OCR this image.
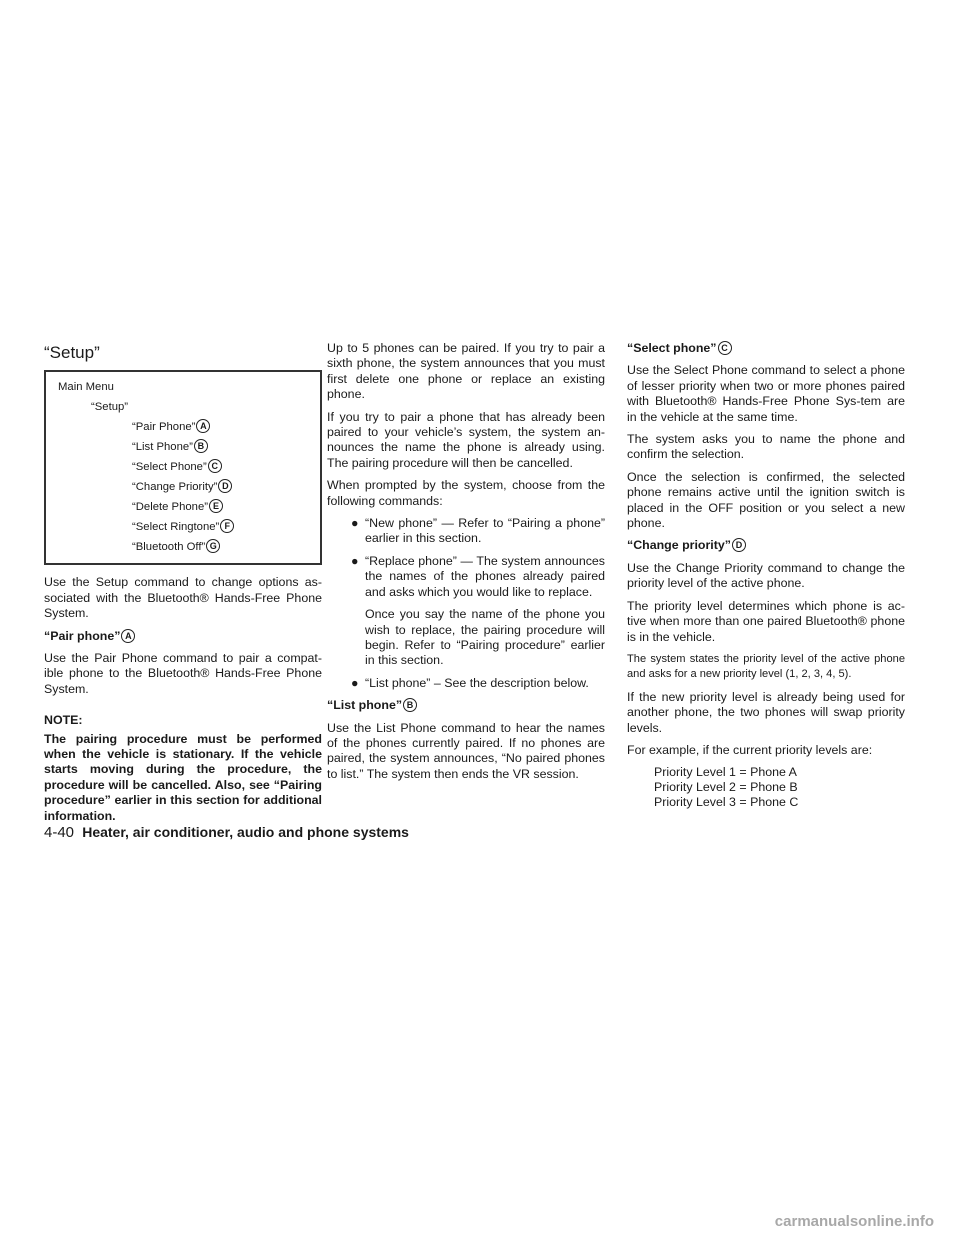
“Setup”
Main Menu
“Setup”
“Pair Phone” A
“List Phone” B
“Select Phone” C
“Change Priority” D
“Delete Phone” E
“Select Ringtone” F
“Bluetooth Off” G

Use the Setup command to change options as-sociated with the Bluetooth® Hands-Free Phone System.

“Pair phone” A

Use the Pair Phone command to pair a compat-ible phone to the Bluetooth® Hands-Free Phone System.

NOTE:

The pairing procedure must be performed when the vehicle is stationary. If the vehicle starts moving during the procedure, the procedure will be cancelled. Also, see “Pairing procedure” earlier in this section for additional information.

Up to 5 phones can be paired. If you try to pair a sixth phone, the system announces that you must first delete one phone or replace an existing phone.

If you try to pair a phone that has already been paired to your vehicle’s system, the system an-nounces the name the phone is already using. The pairing procedure will then be cancelled.

When prompted by the system, choose from the following commands:

● “New phone” — Refer to “Pairing a phone” earlier in this section.
● “Replace phone” — The system announces the names of the phones already paired and asks which you would like to replace.
Once you say the name of the phone you wish to replace, the pairing procedure will begin. Refer to “Pairing procedure” earlier in this section.
● “List phone” – See the description below.
“List phone” B

Use the List Phone command to hear the names of the phones currently paired. If no phones are paired, the system announces, “No paired phones to list.” The system then ends the VR session.

“Select phone” C

Use the Select Phone command to select a phone of lesser priority when two or more phones paired with Bluetooth® Hands-Free Phone Sys-tem are in the vehicle at the same time.

The system asks you to name the phone and confirm the selection.

Once the selection is confirmed, the selected phone remains active until the ignition switch is placed in the OFF position or you select a new phone.

“Change priority” D

Use the Change Priority command to change the priority level of the active phone.

The priority level determines which phone is ac-tive when more than one paired Bluetooth® phone is in the vehicle.

The system states the priority level of the active phone and asks for a new priority level (1, 2, 3, 4, 5).

If the new priority level is already being used for another phone, the two phones will swap priority levels.

For example, if the current priority levels are:

Priority Level 1 = Phone A
Priority Level 2 = Phone B
Priority Level 3 = Phone C
4-40 Heater, air conditioner, audio and phone systems
carmanualsonline.info
